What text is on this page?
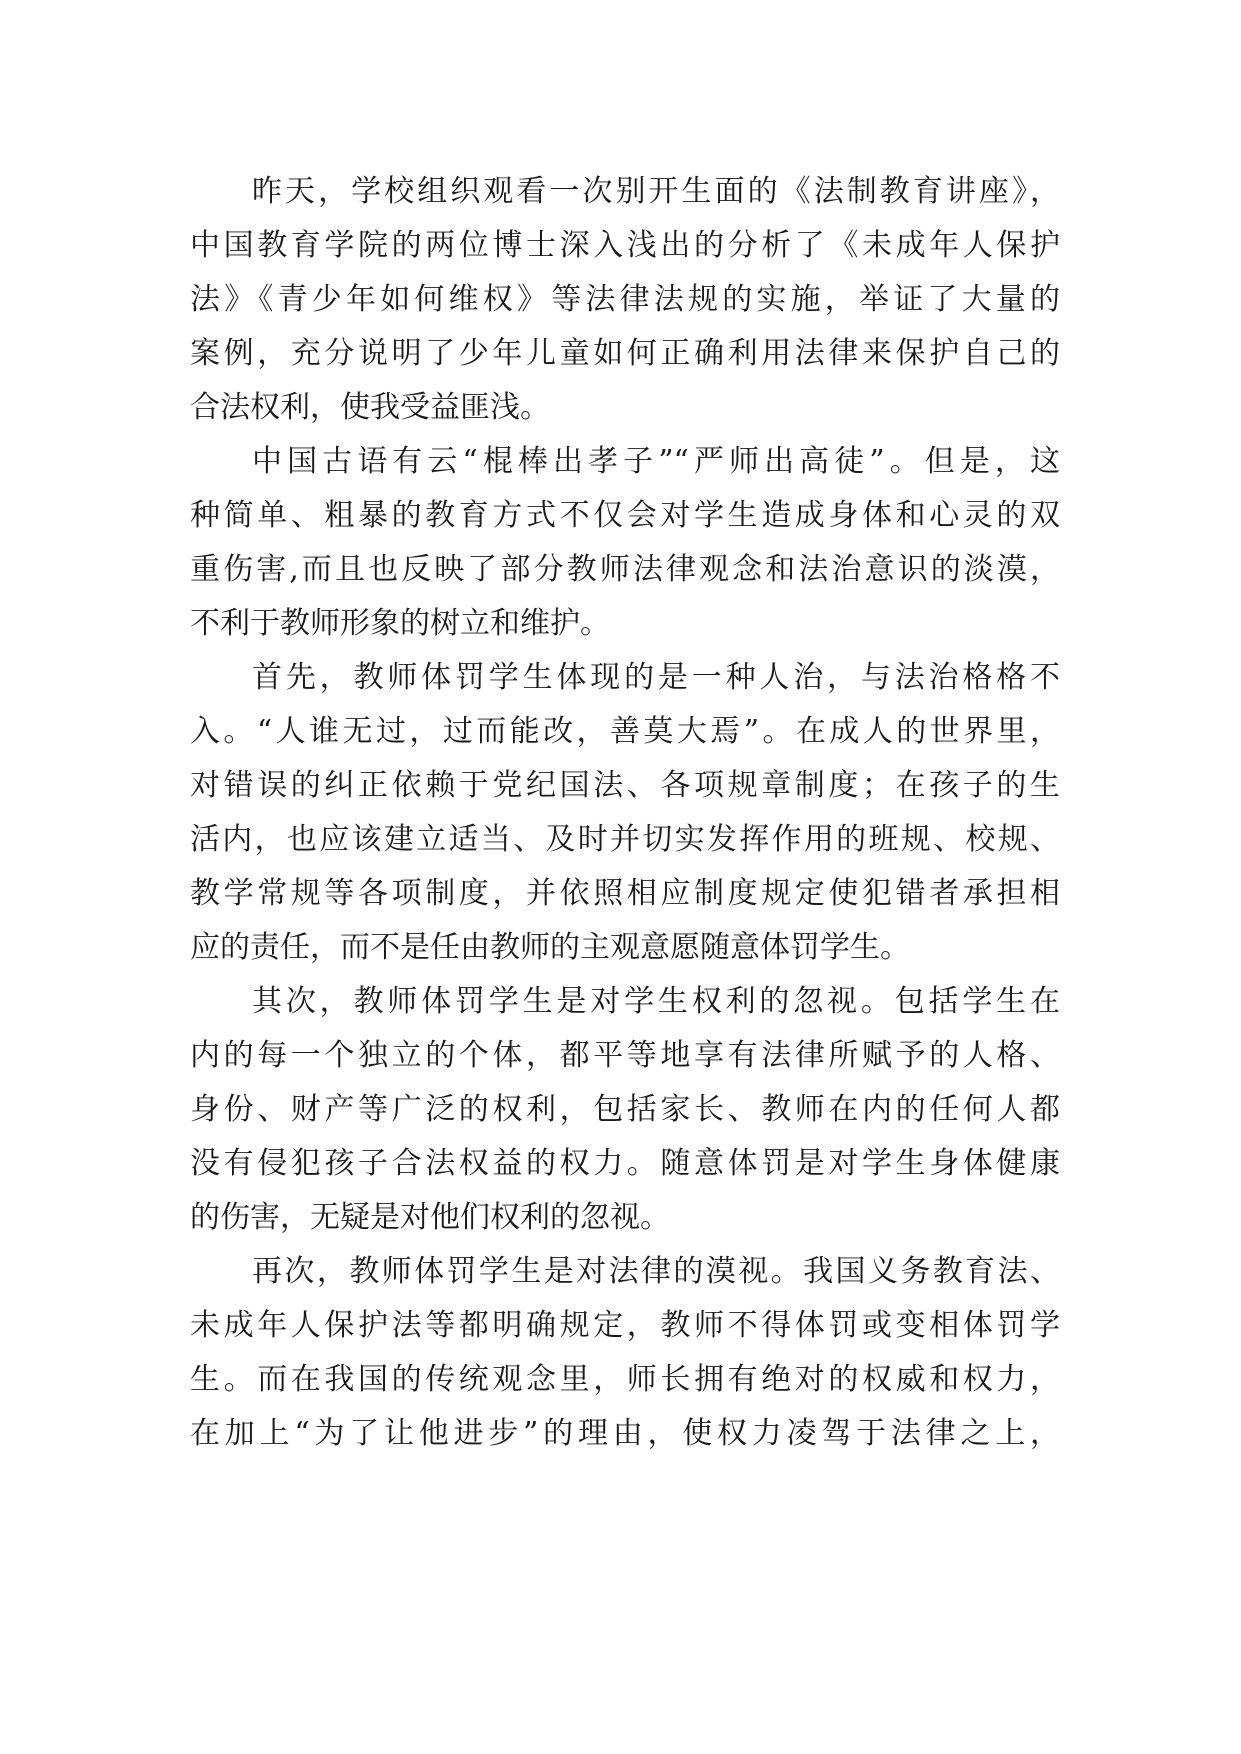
昨天，学校组织观看一次别开生面的《法制教育讲座》，
中国教育学院的两位博士深入浅出的分析了《未成年人保护
法》《青少年如何维权》等法律法规的实施，举证了大量的
案例，充分说明了少年儿童如何正确利用法律来保护自己的
合法权利，使我受益匪浅。
中国古语有云“棍棒出孝子”“严师出高徒”。但是，这
种简单、粗暴的教育方式不仅会对学生造成身体和心灵的双
重伤害,而且也反映了部分教师法律观念和法治意识的淡漠，
不利于教师形象的树立和维护。
首先，教师体罚学生体现的是一种人治，与法治格格不
入。“人谁无过，过而能改，善莫大焉”。在成人的世界里，
对错误的纠正依赖于党纪国法、各项规章制度；在孩子的生
活内，也应该建立适当、及时并切实发挥作用的班规、校规、
教学常规等各项制度，并依照相应制度规定使犯错者承担相
应的责任，而不是任由教师的主观意愿随意体罚学生。
其次，教师体罚学生是对学生权利的忽视。包括学生在
内的每一个独立的个体，都平等地享有法律所赋予的人格、
身份、财产等广泛的权利，包括家长、教师在内的任何人都
没有侵犯孩子合法权益的权力。随意体罚是对学生身体健康
的伤害，无疑是对他们权利的忽视。
再次，教师体罚学生是对法律的漠视。我国义务教育法、
未成年人保护法等都明确规定，教师不得体罚或变相体罚学
生。而在我国的传统观念里，师长拥有绝对的权威和权力，
在加上“为了让他进步”的理由，使权力凌驾于法律之上，
